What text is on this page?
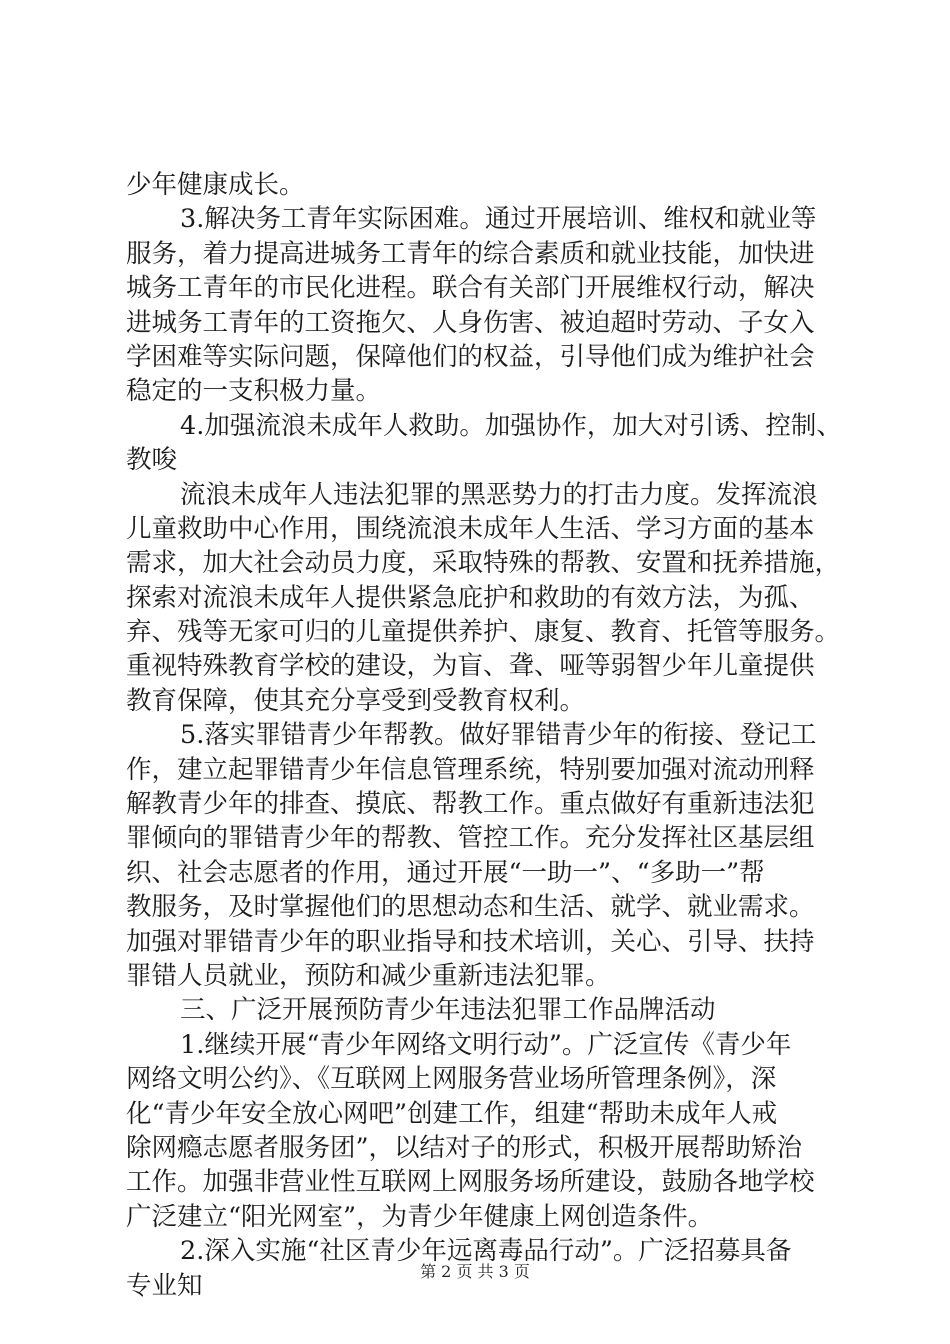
少年健康成长。
3.解决务工青年实际困难。通过开展培训、维权和就业等
服务，着力提高进城务工青年的综合素质和就业技能，加快进
城务工青年的市民化进程。联合有关部门开展维权行动，解决
进城务工青年的工资拖欠、人身伤害、被迫超时劳动、子女入
学困难等实际问题，保障他们的权益，引导他们成为维护社会
稳定的一支积极力量。
4.加强流浪未成年人救助。加强协作，加大对引诱、控制、
教唆
流浪未成年人违法犯罪的黑恶势力的打击力度。发挥流浪
儿童救助中心作用，围绕流浪未成年人生活、学习方面的基本
需求，加大社会动员力度，采取特殊的帮教、安置和抚养措施，
探索对流浪未成年人提供紧急庇护和救助的有效方法，为孤、
弃、残等无家可归的儿童提供养护、康复、教育、托管等服务。
重视特殊教育学校的建设，为盲、聋、哑等弱智少年儿童提供
教育保障，使其充分享受到受教育权利。
5.落实罪错青少年帮教。做好罪错青少年的衔接、登记工
作，建立起罪错青少年信息管理系统，特别要加强对流动刑释
解教青少年的排查、摸底、帮教工作。重点做好有重新违法犯
罪倾向的罪错青少年的帮教、管控工作。充分发挥社区基层组
织、社会志愿者的作用，通过开展“一助一”、“多助一”帮
教服务，及时掌握他们的思想动态和生活、就学、就业需求。
加强对罪错青少年的职业指导和技术培训，关心、引导、扶持
罪错人员就业，预防和减少重新违法犯罪。
三、广泛开展预防青少年违法犯罪工作品牌活动
1.继续开展“青少年网络文明行动”。广泛宣传《青少年
网络文明公约》、《互联网上网服务营业场所管理条例》，深
化“青少年安全放心网吧”创建工作，组建“帮助未成年人戒
除网瘾志愿者服务团”，以结对子的形式，积极开展帮助矫治
工作。加强非营业性互联网上网服务场所建设，鼓励各地学校
广泛建立“阳光网室”，为青少年健康上网创造条件。
2.深入实施“社区青少年远离毒品行动”。广泛招募具备
专业知	第 2 页 共 3 页
